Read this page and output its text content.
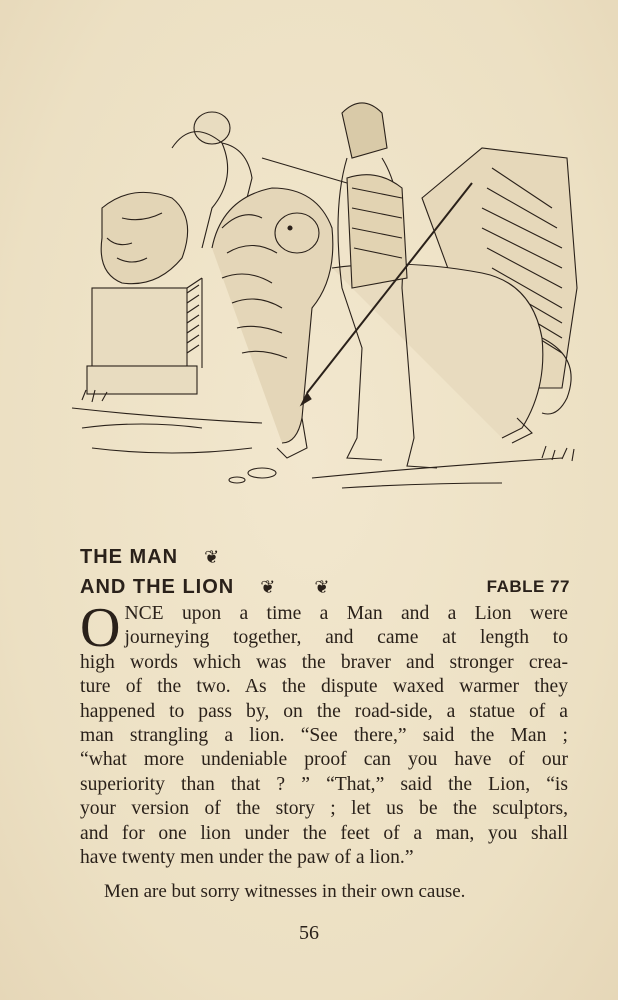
THE MAN ❦
AND THE LION ❦ ❦	FABLE 77
O NCE upon a time a Man and a Lion were
journeying together, and came at length to
high words which was the braver and stronger crea-
ture of the two. As the dispute waxed warmer they
happened to pass by, on the road-side, a statue of a
man strangling a lion. “See there,” said the Man ;
“what more undeniable proof can you have of our
superiority than that ? ” “That,” said the Lion, “is
your version of the story ; let us be the sculptors,
and for one lion under the feet of a man, you shall
have twenty men under the paw of a lion.”
Men are but sorry witnesses in their own cause.
56
